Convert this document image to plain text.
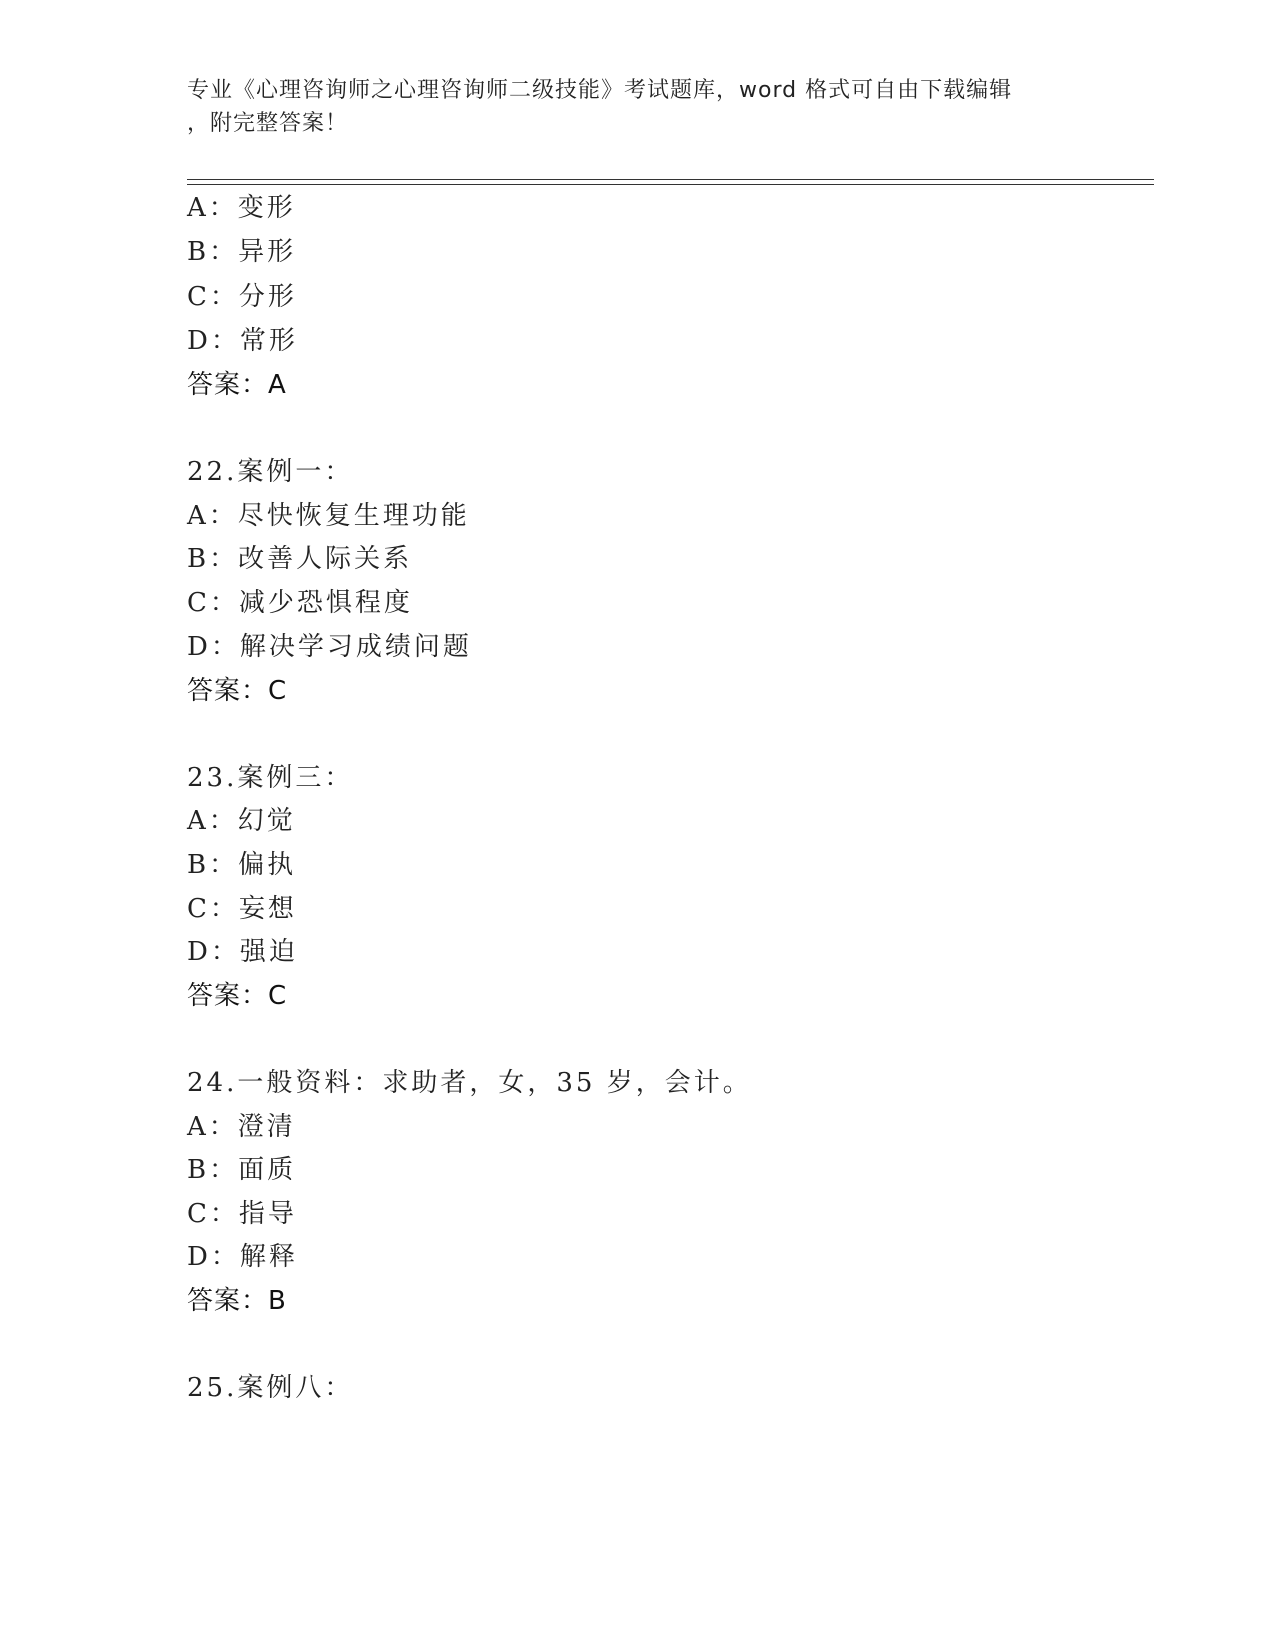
专业《心理咨询师之心理咨询师二级技能》考试题库，word 格式可自由下载编辑
，附完整答案！
A：变形
B：异形
C：分形
D：常形
答案：A
22.案例一：
A：尽快恢复生理功能
B：改善人际关系
C：减少恐惧程度
D：解决学习成绩问题
答案：C
23.案例三：
A：幻觉
B：偏执
C：妄想
D：强迫
答案：C
24.一般资料：求助者，女，35 岁，会计。
A：澄清
B：面质
C：指导
D：解释
答案：B
25.案例八：
